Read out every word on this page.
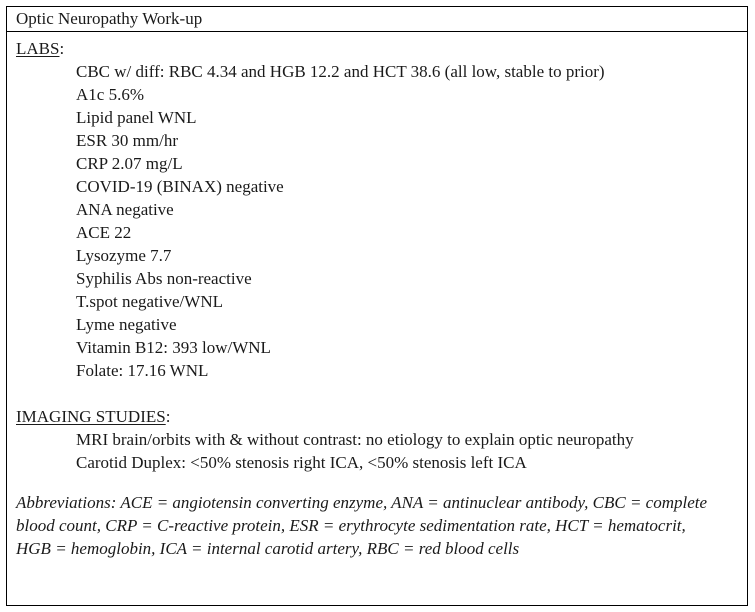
Optic Neuropathy Work-up
LABS:
CBC w/ diff: RBC 4.34 and HGB 12.2 and HCT 38.6 (all low, stable to prior)
A1c 5.6%
Lipid panel WNL
ESR 30 mm/hr
CRP 2.07 mg/L
COVID-19 (BINAX) negative
ANA negative
ACE 22
Lysozyme 7.7
Syphilis Abs non-reactive
T.spot negative/WNL
Lyme negative
Vitamin B12: 393 low/WNL
Folate: 17.16 WNL
IMAGING STUDIES:
MRI brain/orbits with & without contrast: no etiology to explain optic neuropathy
Carotid Duplex: <50% stenosis right ICA, <50% stenosis left ICA
Abbreviations: ACE = angiotensin converting enzyme, ANA = antinuclear antibody, CBC = complete blood count, CRP = C-reactive protein, ESR = erythrocyte sedimentation rate, HCT = hematocrit, HGB = hemoglobin, ICA = internal carotid artery, RBC = red blood cells
